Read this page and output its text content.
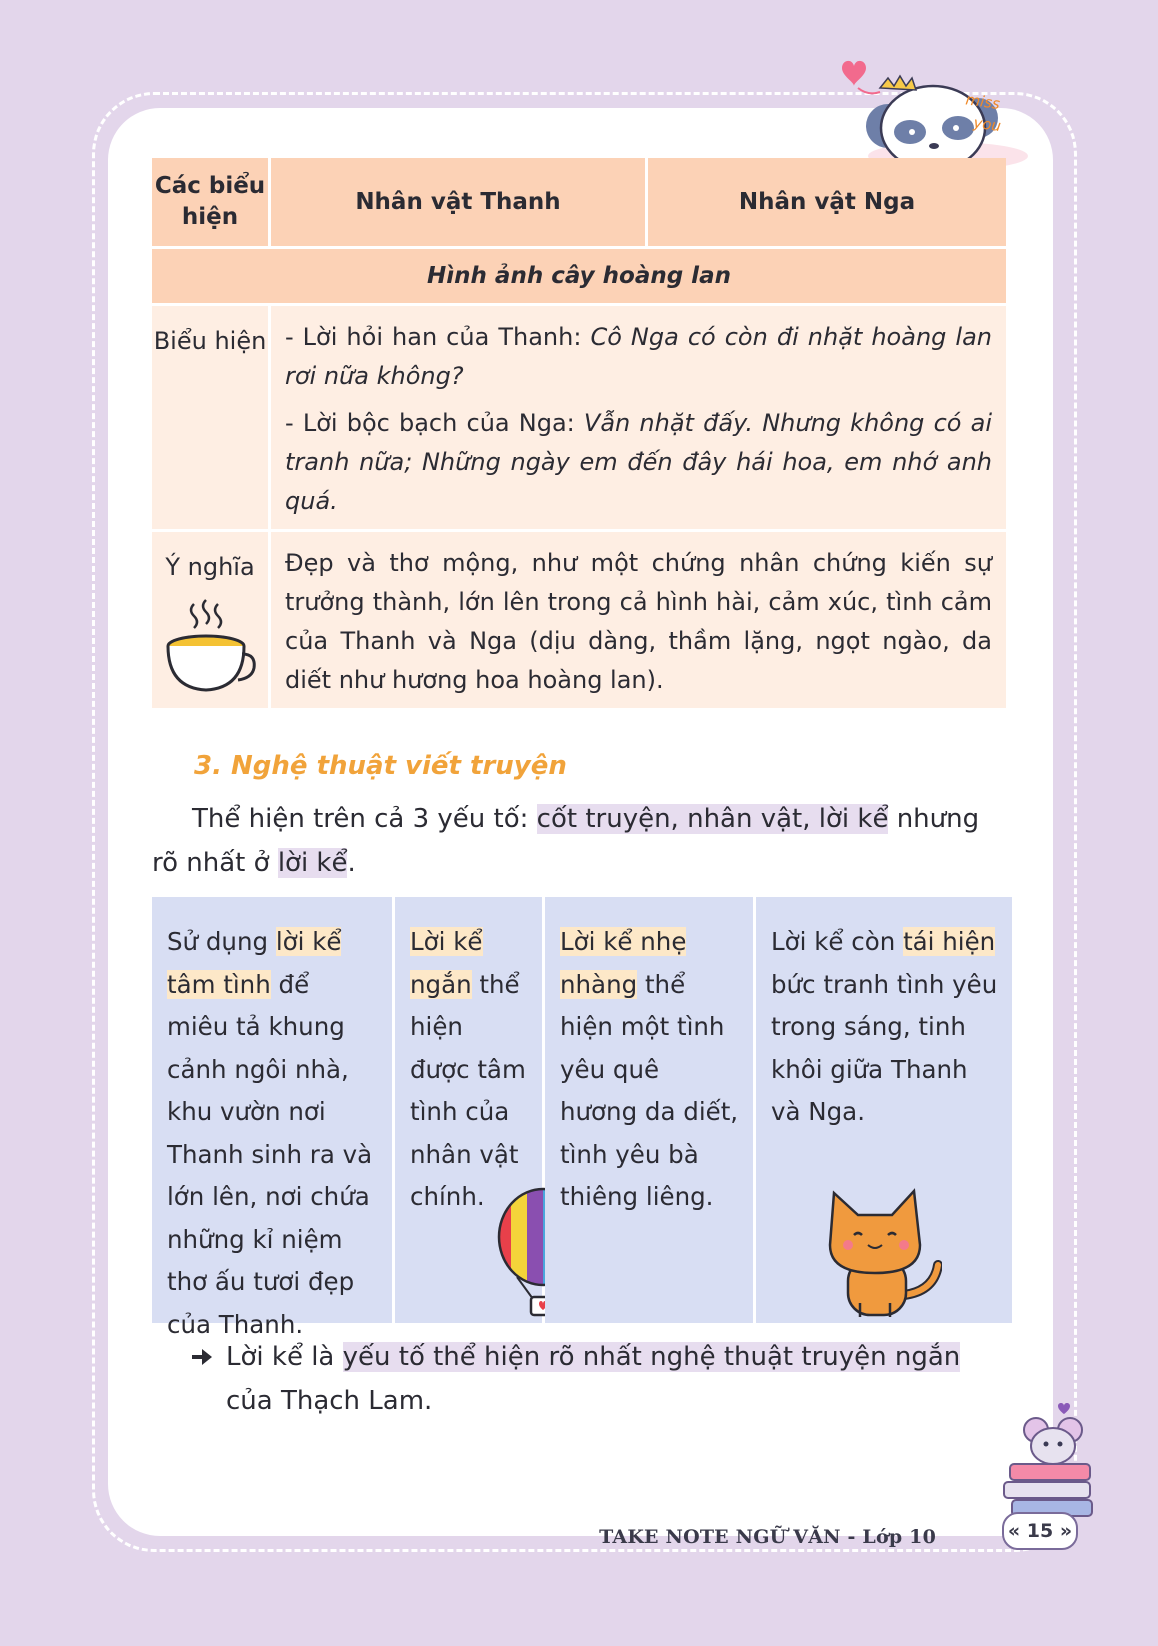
miss
you
Các biểu hiện	Nhân vật Thanh	Nhân vật Nga
Hình ảnh cây hoàng lan		
Biểu hiện	- Lời hỏi han của Thanh: Cô Nga có còn đi nhặt hoàng lan rơi nữa không?

- Lời bộc bạch của Nga: Vẫn nhặt đấy. Nhưng không có ai tranh nữa; Những ngày em đến đây hái hoa, em nhớ anh quá.	

Ý nghĩa	Đẹp và thơ mộng, như một chứng nhân chứng kiến sự trưởng thành, lớn lên trong cả hình hài, cảm xúc, tình cảm của Thanh và Nga (dịu dàng, thầm lặng, ngọt ngào, da diết như hương hoa hoàng lan).	
3. Nghệ thuật viết truyện

Thể hiện trên cả 3 yếu tố: cốt truyện, nhân vật, lời kể nhưng rõ nhất ở lời kể.

Sử dụng lời kể tâm tình để miêu tả khung cảnh ngôi nhà, khu vườn nơi Thanh sinh ra và lớn lên, nơi chứa những kỉ niệm thơ ấu tươi đẹp của Thanh.
Lời kể ngắn thể hiện được tâm tình của nhân vật chính.
Lời kể nhẹ nhàng thể hiện một tình yêu quê hương da diết, tình yêu bà thiêng liêng.
Lời kể còn tái hiện bức tranh tình yêu trong sáng, tinh khôi giữa Thanh và Nga.
Lời kể là yếu tố thể hiện rõ nhất nghệ thuật truyện ngắn của Thạch Lam.
TAKE NOTE NGỮ VĂN - Lớp 10	« 15 »
